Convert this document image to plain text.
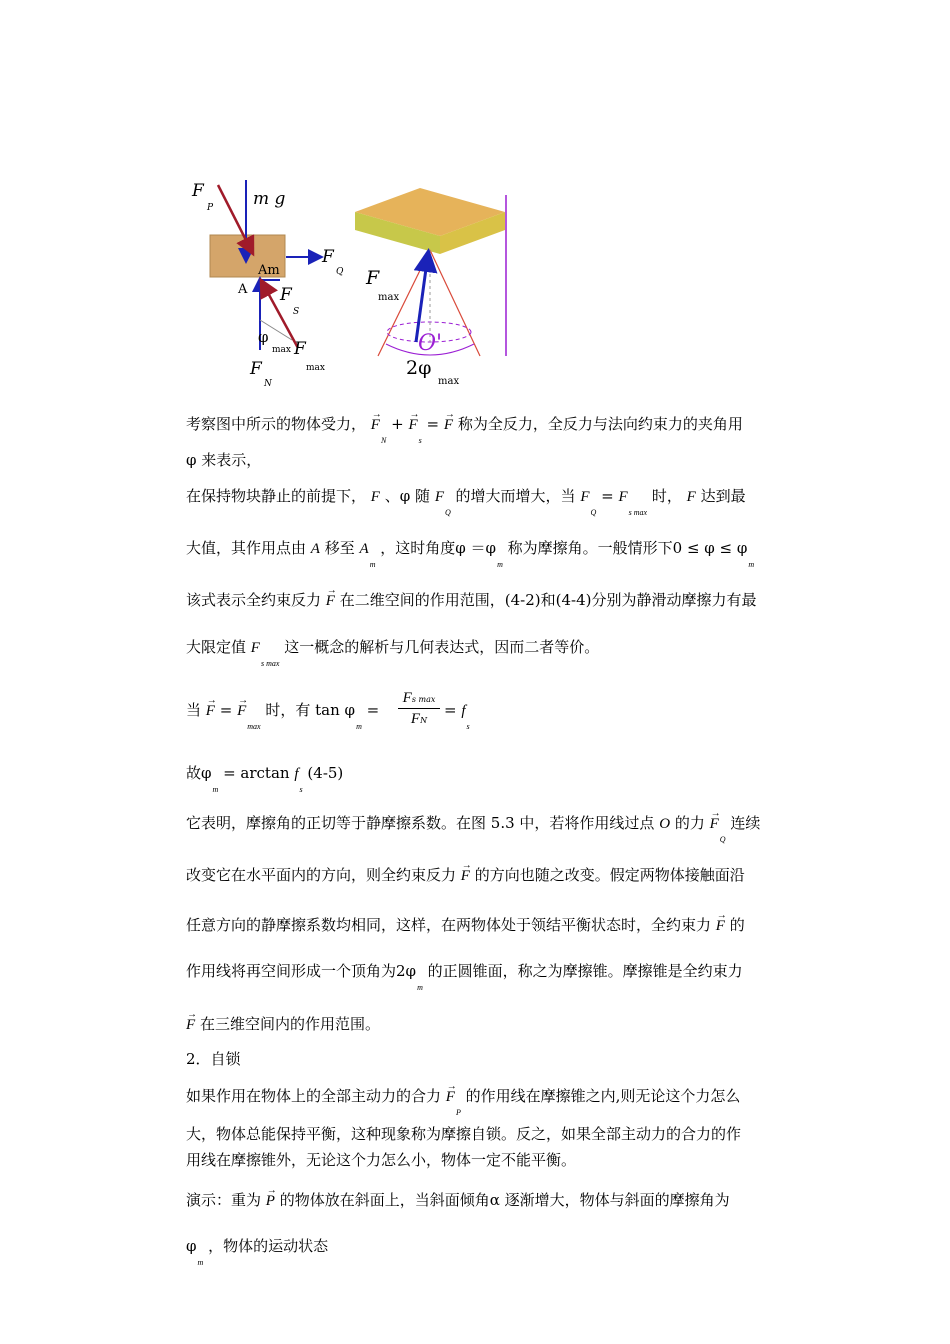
F
P m g
F
Q
Am
A F
S
φ
max F
max
F
N
F
max
O'
2φ
max
考察图中所示的物体受力， → $F_N$ + → $F_s$ = → F 称为全反力，全反力与法向约束力的夹角用
φ 来表示，
在保持物块静止的前提下， F 、φ 随 $F_Q$ 的增大而增大，当 $F_Q = F_{s max}$ 时， F 达到最
大值，其作用点由 A 移至 $A_m$ ，这时角度$\varphi =\varphi_m$ 称为摩擦角。一般情形下$0 \le \varphi \le \varphi_m$
该式表示全约束反力 → F 在二维空间的作用范围，(4-2)和(4-4)分别为静滑动摩擦力有最
大限定值 $F_{s max}$ 这一概念的解析与几何表达式，因而二者等价。
当 → F = → $F_{max}$ 时，有 $\tan \varphi_m$ =
Fs max
FN
= $f_s$
故$\varphi_m = \arctan f_s$ (4-5)
它表明，摩擦角的正切等于静摩擦系数。在图 5.3 中，若将作用线过点 O 的力 → $F_Q$ 连续
改变它在水平面内的方向，则全约束反力 → F 的方向也随之改变。假定两物体接触面沿
任意方向的静摩擦系数均相同，这样，在两物体处于领结平衡状态时，全约束力 → F 的
作用线将再空间形成一个顶角为$2\varphi_m$ 的正圆锥面，称之为摩擦锥。摩擦锥是全约束力
→ F 在三维空间内的作用范围。
2．自锁
如果作用在物体上的全部主动力的合力 → $F_P$ 的作用线在摩擦锥之内,则无论这个力怎么
大，物体总能保持平衡，这种现象称为摩擦自锁。反之，如果全部主动力的合力的作
用线在摩擦锥外，无论这个力怎么小，物体一定不能平衡。
演示：重为 → P 的物体放在斜面上，当斜面倾角α 逐渐增大，物体与斜面的摩擦角为
$\varphi_m$ ，物体的运动状态
